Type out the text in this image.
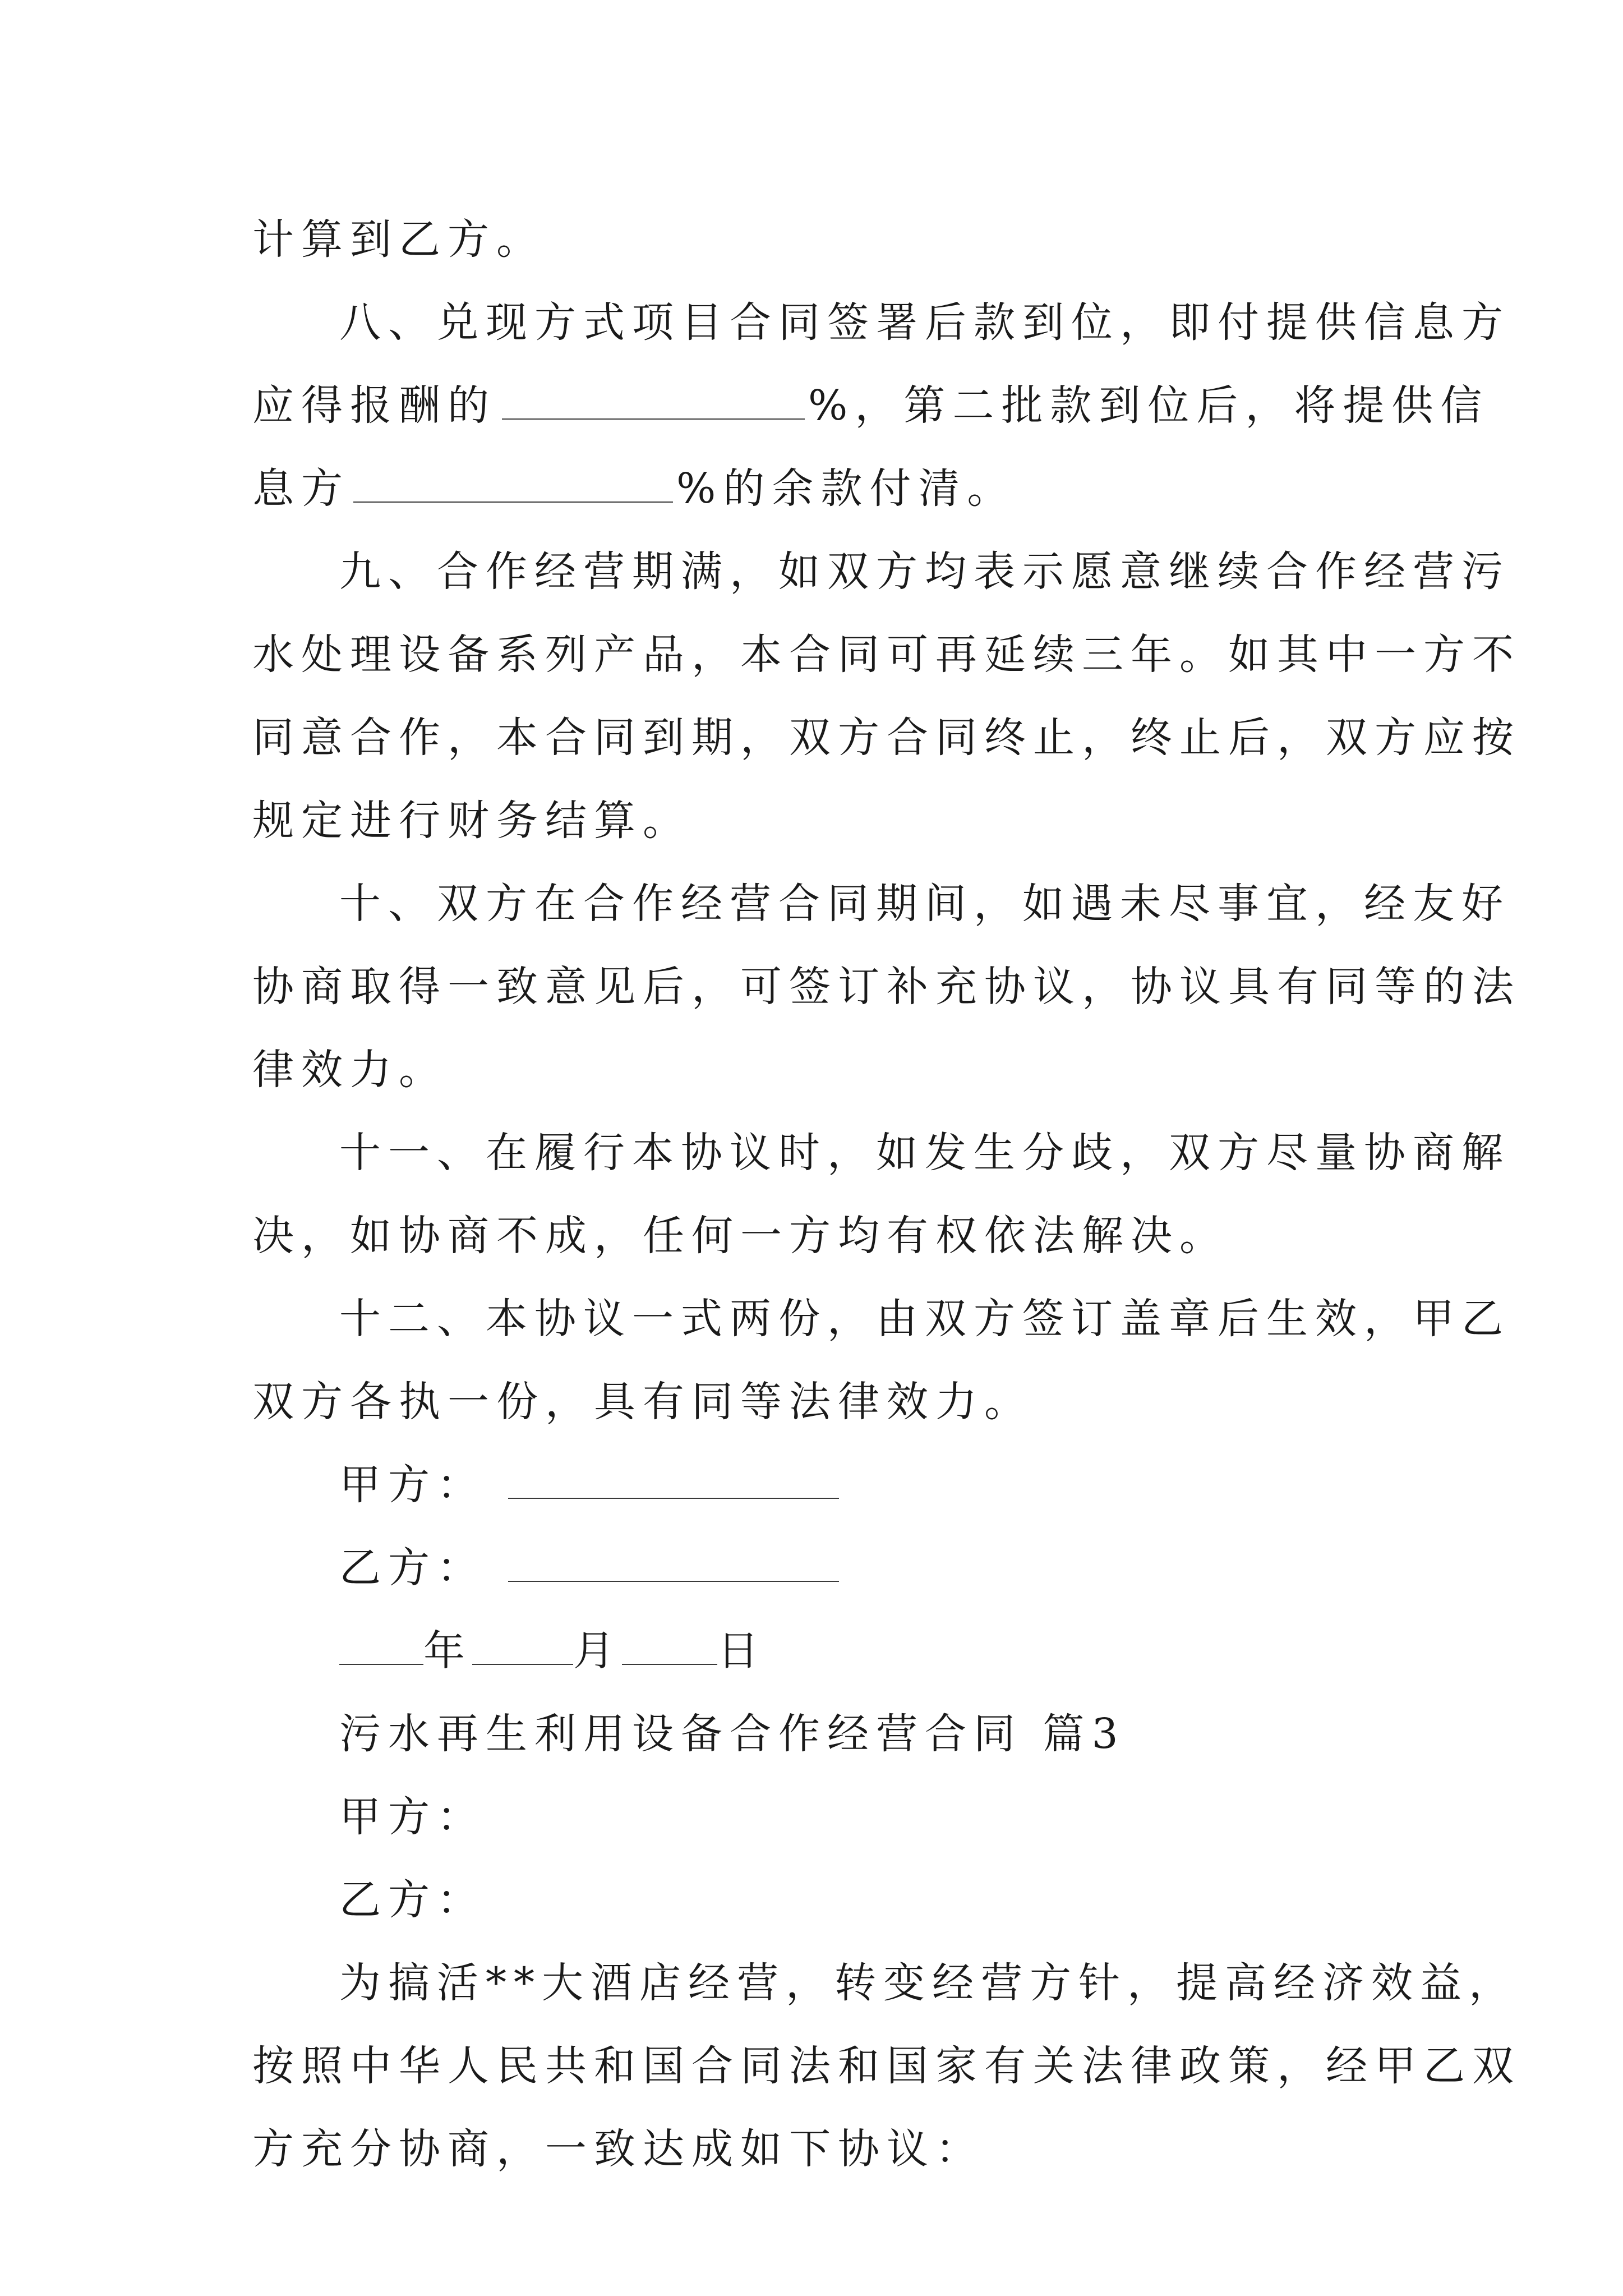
计算到乙方。
八、兑现方式项目合同签署后款到位，即付提供信息方
应得报酬的	%，第二批款到位后，将提供信
息方	%的余款付清。
九、合作经营期满，如双方均表示愿意继续合作经营污
水处理设备系列产品，本合同可再延续三年。如其中一方不
同意合作，本合同到期，双方合同终止，终止后，双方应按
规定进行财务结算。
十、双方在合作经营合同期间，如遇未尽事宜，经友好
协商取得一致意见后，可签订补充协议，协议具有同等的法
律效力。
十一、在履行本协议时，如发生分歧，双方尽量协商解
决，如协商不成，任何一方均有权依法解决。
十二、本协议一式两份，由双方签订盖章后生效，甲乙
双方各执一份，具有同等法律效力。
甲方：
乙方：
年 月 日
污水再生利用设备合作经营合同 篇3
甲方：
乙方：
为搞活**大酒店经营，转变经营方针，提高经济效益，
按照中华人民共和国合同法和国家有关法律政策，经甲乙双
方充分协商，一致达成如下协议：
